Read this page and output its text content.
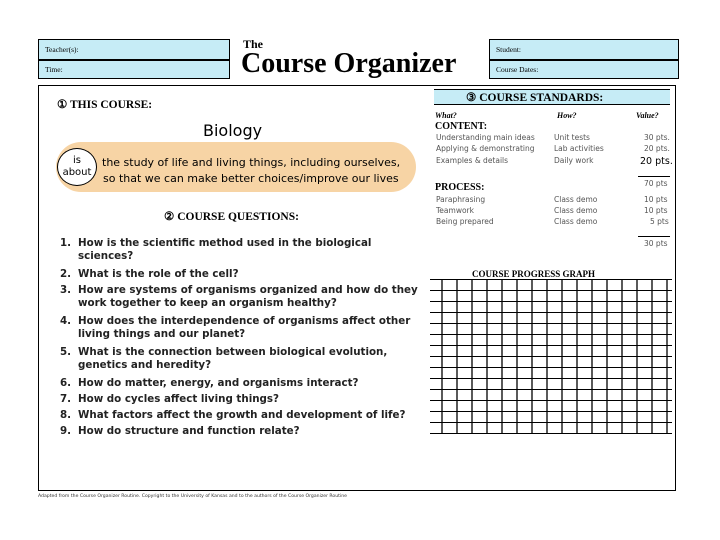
Teacher(s):
Time:
The
Course Organizer	Student:
Course Dates:
① THIS COURSE:
Biology
is
about
the study of life and living things, including ourselves,
so that we can make better choices/improve our lives
② COURSE QUESTIONS:
1. How is the scientific method used in the biological
sciences?
2. What is the role of the cell?
3. How are systems of organisms organized and how do they
work together to keep an organism healthy?
4. How does the interdependence of organisms affect other
living things and our planet?
5. What is the connection between biological evolution,
genetics and heredity?
6. How do matter, energy, and organisms interact?
7. How do cycles affect living things?
8. What factors affect the growth and development of life?
9. How do structure and function relate?
③ COURSE STANDARDS:
What?	How?	Value?
CONTENT:
Understanding main ideas	Unit tests	30 pts.
Applying & demonstrating	Lab activities	20 pts.
Examples & details	Daily work	20 pts.
70 pts
PROCESS:
Paraphrasing	Class demo	10 pts
Teamwork	Class demo	10 pts
Being prepared	Class demo	5 pts
30 pts
COURSE PROGRESS GRAPH
Adapted from the Course Organizer Routine. Copyright to the University of Kansas and to the authors of the Course Organizer Routine
